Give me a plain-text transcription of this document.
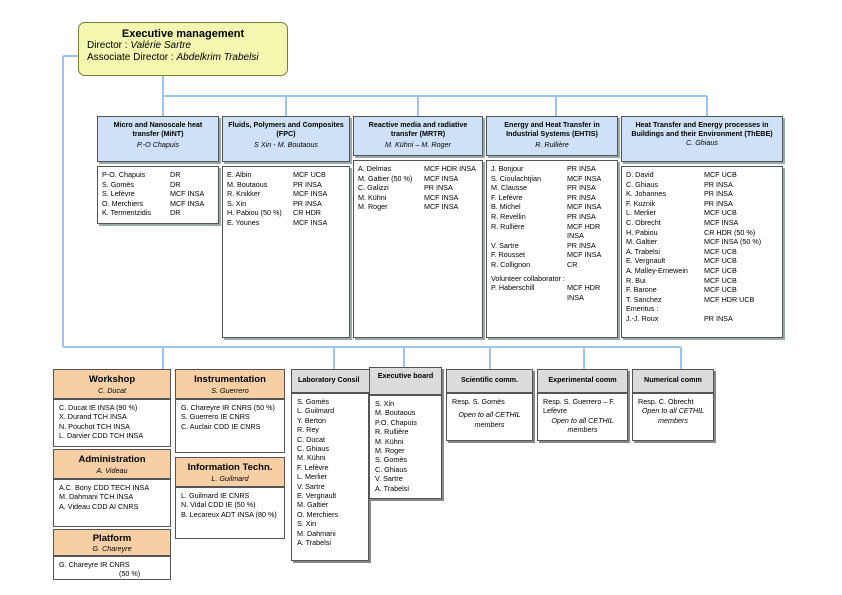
Executive management
Director : Valérie Sartre
Associate Director : Abdelkrim Trabelsi
Micro and Nanoscale heat transfer (MiNT)
P.-O Chapuis
P-O. Chapuis	DR
S. Gomès	DR
S. Lefèvre	MCF INSA
O. Merchiers	MCF INSA
K. Termentzidis	DR
Fluids, Polymers and Composites (FPC)
S Xin - M. Boutaous
E. Albin	MCF UCB
M. Boutaous	PR INSA
R. Knikker	MCF INSA
S. Xin	PR INSA
H. Pabiou (50 %)	CR HDR
E. Younes	MCF INSA
Reactive media and radiative transfer (MRTR)
M. Kühni – M. Roger
A. Delmas	MCF HDR INSA
M. Galtier (50 %)	MCF INSA
C. Galizzi	PR INSA
M. Kühni	MCF INSA
M. Roger	MCF INSA
Energy and Heat Transfer in Industrial Systems (EHTIS)
R. Rullière
J. Bonjour	PR INSA
S. Cioulachtjian	MCF INSA
M. Clausse	PR INSA
F. Lefèvre	PR INSA
B. Michel	MCF INSA
R. Revellin	PR INSA
R. Rullière	MCF HDR INSA
V. Sartre	PR INSA
F. Rousset	MCF INSA
R. Collignon	CR
Volunteer collaborator :
P. Haberschill	MCF HDR INSA
Heat Transfer and Energy processes in Buildings and their Environment (ThEBE)
C. Ghiaus
D. David	MCF UCB
C. Ghiaus	PR INSA
K. Johannes	PR INSA
F. Kuznik	PR INSA
L. Merlier	MCF UCB
C. Obrecht	MCF INSA
H. Pabiou	CR HDR (50 %)
M. Galtier	MCF INSA (50 %)
A. Trabelsi	MCF UCB
E. Vergnault	MCF UCB
A. Malley-Ernewein	MCF UCB
R. Bui	MCF UCB
F. Barone	MCF UCB
T. Sanchez	MCF HDR UCB
Emeritus :
J.-J. Roux	PR INSA
Workshop
C. Ducat
C. Ducat IE INSA (90 %)
X. Durand TCH INSA
N. Pouchot TCH INSA
L. Darvier CDD TCH INSA
Administration
A. Videau
A.C. Bony CDD TECH INSA
M. Dahmani TCH INSA
A. Videau CDD AI CNRS
Platform
G. Chareyre
G. Chareyre IR CNRS
(50 %)
Instrumentation
S. Guerrero
G. Chareyre IR CNRS (50 %)
S. Guerrero IE CNRS
C. Auclair CDD IE CNRS
Information Techn.
L. Guilmard
L. Guilmard IE CNRS
N. Vidal CDD IE (50 %)
B. Lecareux ADT INSA (80 %)
Laboratory Consil
S. Gomès
L. Guilmard
Y. Berton
R. Rey
C. Ducat
C. Ghiaus
M. Kühni
F. Lefèvre
L. Merlier
V. Sartre
E. Vergnault
M. Galtier
O. Merchiers
S. Xin
M. Dahmani
A. Trabelsi
Executive board
S. Xin
M. Boutaous
P.O. Chapuis
R. Rullière
M. Kühni
M. Roger
S. Gomès
C. Ghiaus
V. Sartre
A. Trabelsi
Scientific comm.
Resp. S. Gomès
Open to all CETHIL members
Experimental comm
Resp. S. Guerrero – F. Lefèvre
Open to all CETHIL members
Numerical comm
Resp. C. Obrecht
Open to all CETHIL members
